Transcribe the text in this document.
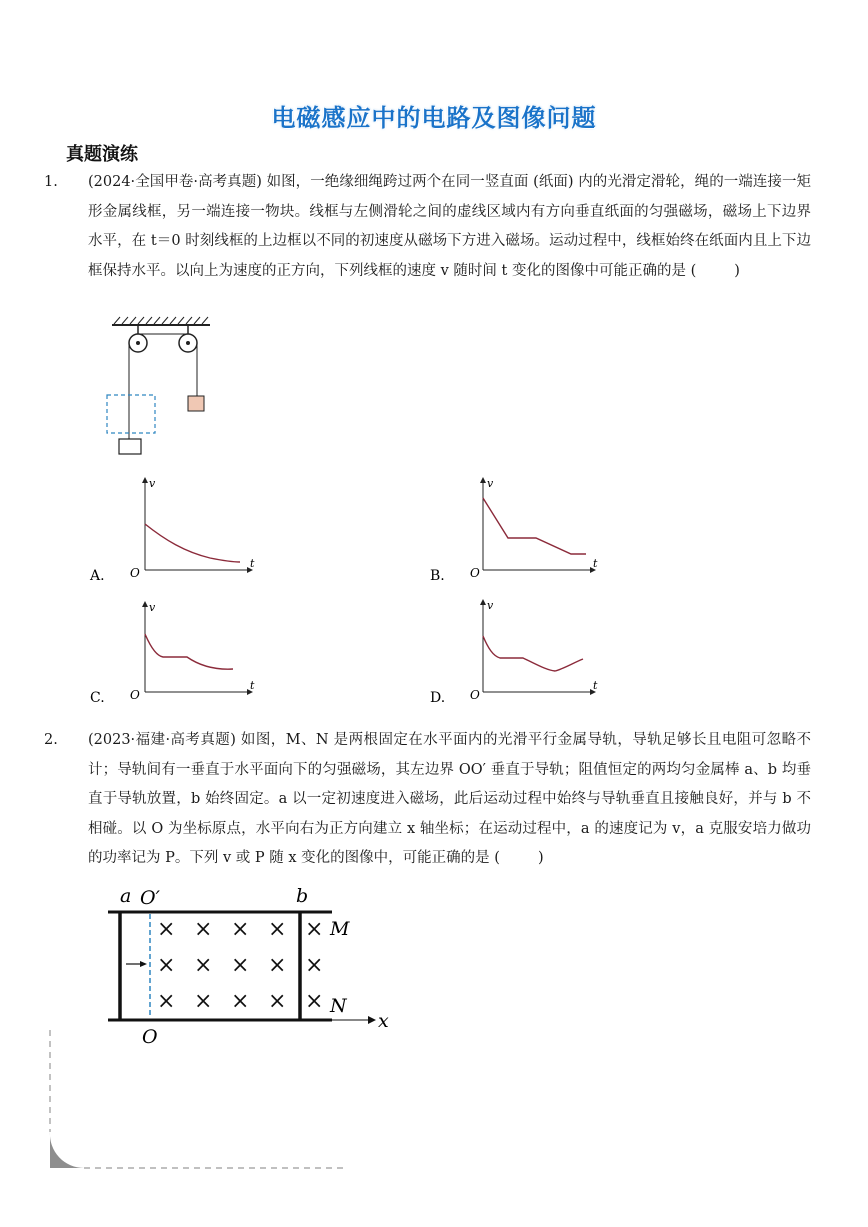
电磁感应中的电路及图像问题
真题演练

1. (2024·全国甲卷·高考真题) 如图，一绝缘细绳跨过两个在同一竖直面 (纸面) 内的光滑定滑轮，绳的一端连接一矩形金属线框，另一端连接一物块。线框与左侧滑轮之间的虚线区域内有方向垂直纸面的匀强磁场，磁场上下边界水平，在 t＝0 时刻线框的上边框以不同的初速度从磁场下方进入磁场。运动过程中，线框始终在纸面内且上下边框保持水平。以向上为速度的正方向，下列线框的速度 v 随时间 t 变化的图像中可能正确的是 (	)

v
t
O
A.
v
t
O
B.
v
t
O
C.
v
t
O
D.

2. (2023·福建·高考真题) 如图，M、N 是两根固定在水平面内的光滑平行金属导轨，导轨足够长且电阻可忽略不计；导轨间有一垂直于水平面向下的匀强磁场，其左边界 OO′ 垂直于导轨；阻值恒定的两均匀金属棒 a、b 均垂直于导轨放置，b 始终固定。a 以一定初速度进入磁场，此后运动过程中始终与导轨垂直且接触良好，并与 b 不相碰。以 O 为坐标原点，水平向右为正方向建立 x 轴坐标；在运动过程中，a 的速度记为 v，a 克服安培力做功的功率记为 P。下列 v 或 P 随 x 变化的图像中，可能正确的是 (	)

a O′	b
M
N
x
O
× × × × ×
× × × × ×
× × × × ×
1
